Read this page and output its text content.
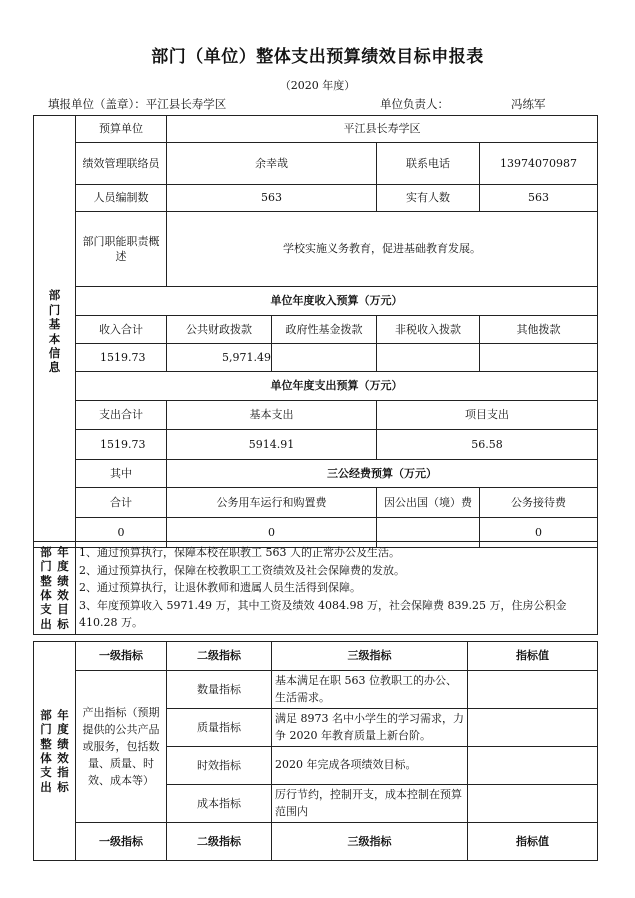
部门（单位）整体支出预算绩效目标申报表
（2020 年度）
填报单位（盖章）：平江县长寿学区	单位负责人：	冯练军
部门基本信息	预算单位	平江县长寿学区			
	绩效管理联络员	余幸哉		联系电话	13974070987
	人员编制数	563		实有人数	563
	部门职能职责概述	学校实施义务教育，促进基础教育发展。			
	单位年度收入预算（万元）				
	收入合计	公共财政拨款	政府性基金拨款	非税收入拨款	其他拨款
	1519.73	5,971.49			
	单位年度支出预算（万元）				
	支出合计	基本支出		项目支出	
	1519.73	5914.91		56.58	
	其中	三公经费预算（万元）			
	合计	公务用车运行和购置费		因公出国（境）费	公务接待费
	0	0			0

部门整体支出
年度绩效目标

1、通过预算执行，保障本校在职教工 563 人的正常办公及生活。
2、通过预算执行，保障在校教职工工资绩效及社会保障费的发放。
2、通过预算执行，让退休教师和遗属人员生活得到保障。
3、年度预算收入 5971.49 万，其中工资及绩效 4084.98 万，社会保障费 839.25 万，住房公积金 410.28 万。
部门整体支出
年度绩效指标	一级指标	二级指标	三级指标	指标值
	产出指标（预期提供的公共产品或服务，包括数量、质量、时效、成本等）	数量指标	基本满足在职 563 位教职工的办公、生活需求。	
		质量指标	满足 8973 名中小学生的学习需求，力争 2020 年教育质量上新台阶。	
		时效指标	2020 年完成各项绩效目标。	
		成本指标	厉行节约，控制开支，成本控制在预算范围内	
	一级指标	二级指标	三级指标	指标值
